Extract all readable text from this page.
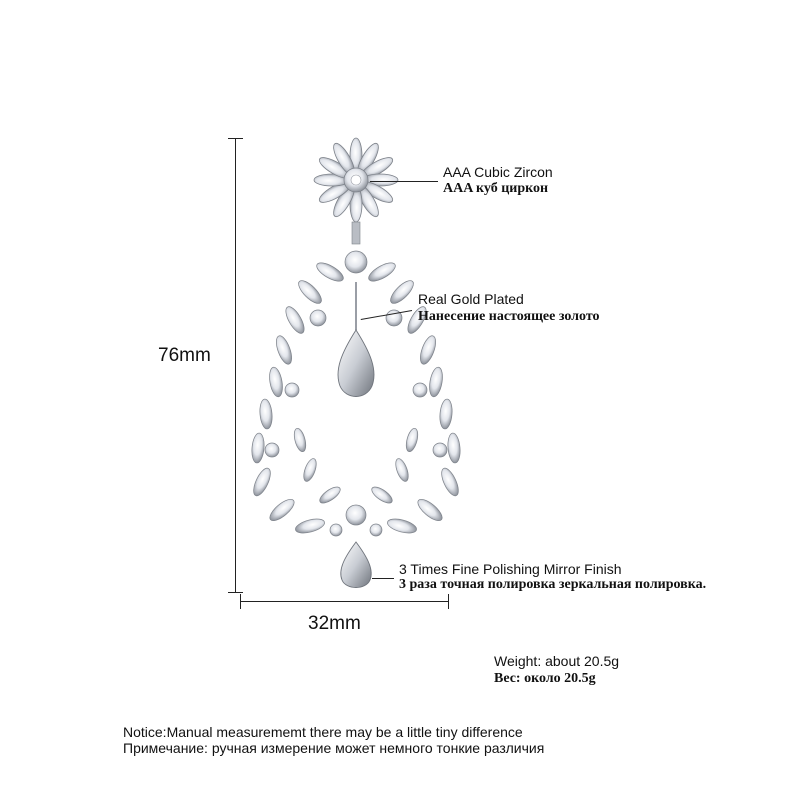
76mm
32mm
AAA Cubic Zircon
AAA куб циркон
Real Gold Plated
Нанесение настоящее золото
3 Times Fine Polishing Mirror Finish
3 раза точная полировка зеркальная полировка.
Weight: about 20.5g
Вес: около 20.5g
Notice:Manual measurememt there may be a little tiny difference
Примечание: ручная измерение может немного тонкие различия
